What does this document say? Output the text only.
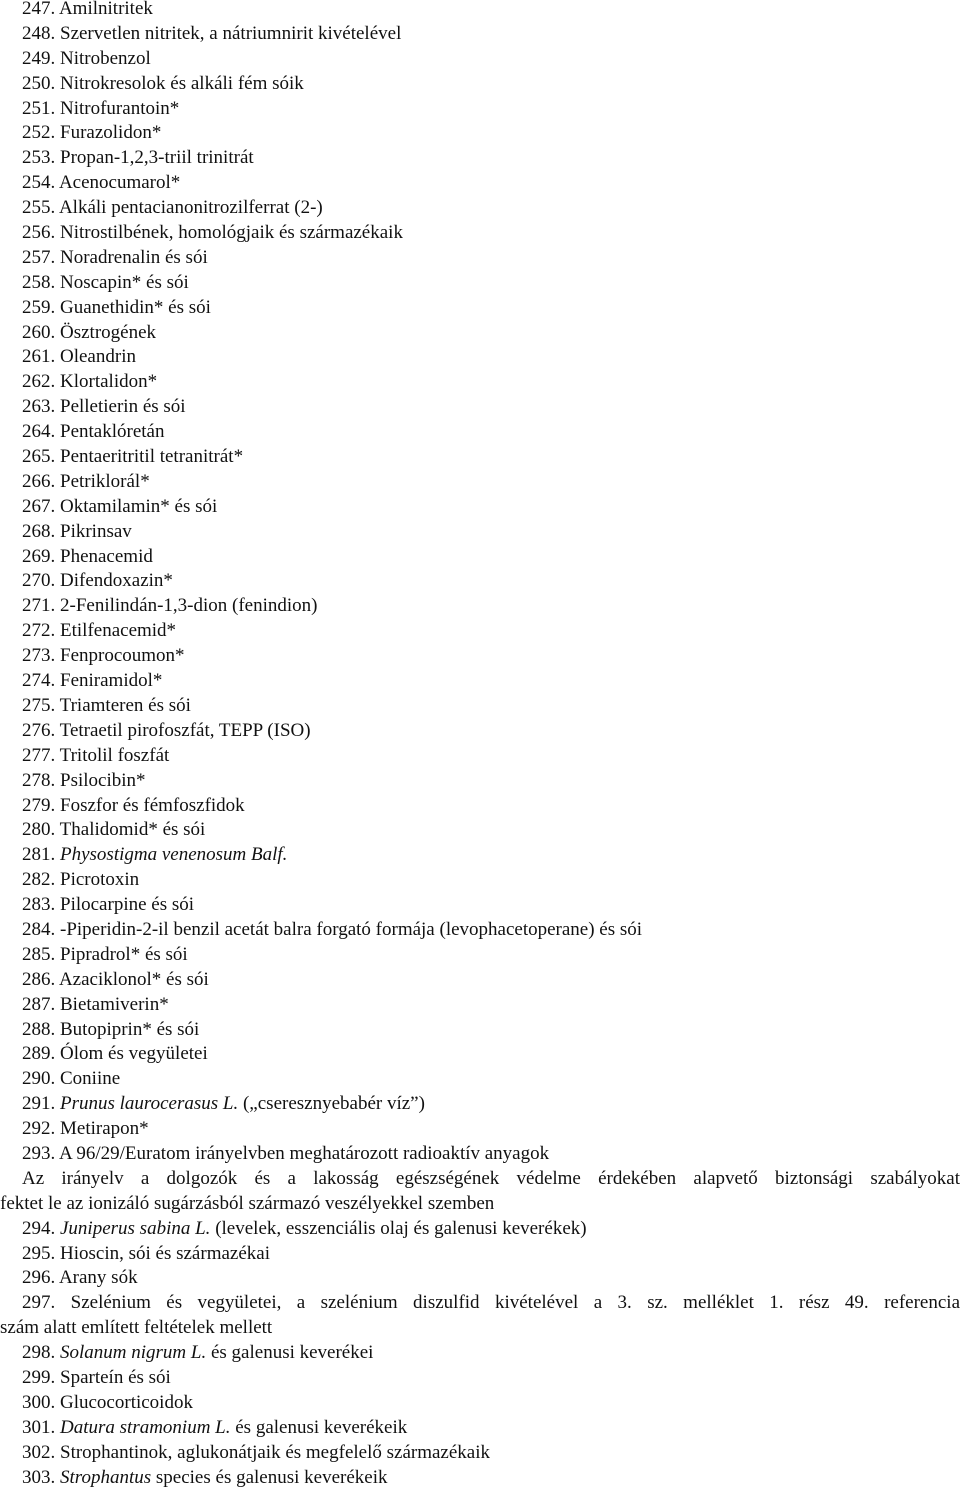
247. Amilnitritek
248. Szervetlen nitritek, a nátriumnirit kivételével
249. Nitrobenzol
250. Nitrokresolok és alkáli fém sóik
251. Nitrofurantoin*
252. Furazolidon*
253. Propan-1,2,3-triil trinitrát
254. Acenocumarol*
255. Alkáli pentacianonitrozilferrat (2-)
256. Nitrostilbének, homológjaik és származékaik
257. Noradrenalin és sói
258. Noscapin* és sói
259. Guanethidin* és sói
260. Ösztrogének
261. Oleandrin
262. Klortalidon*
263. Pelletierin és sói
264. Pentaklóretán
265. Pentaeritritil tetranitrát*
266. Petriklorál*
267. Oktamilamin* és sói
268. Pikrinsav
269. Phenacemid
270. Difendoxazin*
271. 2-Fenilindán-1,3-dion (fenindion)
272. Etilfenacemid*
273. Fenprocoumon*
274. Feniramidol*
275. Triamteren és sói
276. Tetraetil pirofoszfát, TEPP (ISO)
277. Tritolil foszfát
278. Psilocibin*
279. Foszfor és fémfoszfidok
280. Thalidomid* és sói
281. Physostigma venenosum Balf.
282. Picrotoxin
283. Pilocarpine és sói
284. -Piperidin-2-il benzil acetát balra forgató formája (levophacetoperane) és sói
285. Pipradrol* és sói
286. Azaciklonol* és sói
287. Bietamiverin*
288. Butopiprin* és sói
289. Ólom és vegyületei
290. Coniine
291. Prunus laurocerasus L. („cseresznyebabér víz”)
292. Metirapon*
293. A 96/29/Euratom irányelvben meghatározott radioaktív anyagok
Az irányelv a dolgozók és a lakosság egészségének védelme érdekében alapvető biztonsági szabályokat
fektet le az ionizáló sugárzásból származó veszélyekkel szemben
294. Juniperus sabina L. (levelek, esszenciális olaj és galenusi keverékek)
295. Hioscin, sói és származékai
296. Arany sók
297. Szelénium és vegyületei, a szelénium diszulfid kivételével a 3. sz. melléklet 1. rész 49. referencia
szám alatt említett feltételek mellett
298. Solanum nigrum L. és galenusi keverékei
299. Sparteín és sói
300. Glucocorticoidok
301. Datura stramonium L. és galenusi keverékeik
302. Strophantinok, aglukonátjaik és megfelelő származékaik
303. Strophantus species és galenusi keverékeik
